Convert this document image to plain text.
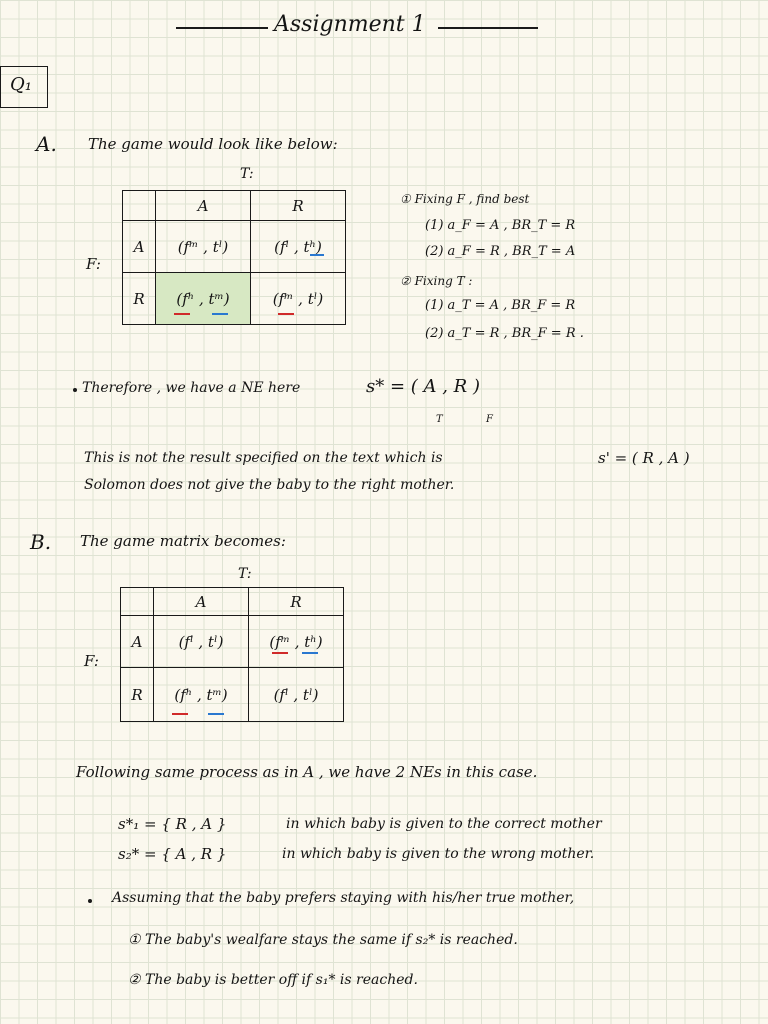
Assignment 1
Q₁
A. The game would look like below:
T:
F:
	A	R
A	(fᵐ , tˡ)	(fˡ , tʰ)
R	(fʰ , tᵐ)	(fᵐ , tˡ)
① Fixing F , find best
(1) a_F = A , BR_T = R
(2) a_F = R , BR_T = A
② Fixing T :
(1) a_T = A , BR_F = R
(2) a_T = R , BR_F = R .
Therefore , we have a NE here	s* = ( A , R )
T	F
This is not the result specified on the text which is	s' = ( R , A )
Solomon does not give the baby to the right mother.
B. The game matrix becomes:
T:
F:
	A	R
A	(fˡ , tˡ)	(fᵐ , tʰ)
R	(fʰ , tᵐ)	(fˡ , tˡ)
Following same process as in A , we have 2 NEs in this case.
s*₁ = { R , A }	in which baby is given to the correct mother
s₂* = { A , R }	in which baby is given to the wrong mother.
Assuming that the baby prefers staying with his/her true mother,
① The baby's wealfare stays the same if s₂* is reached.
② The baby is better off if s₁* is reached.
